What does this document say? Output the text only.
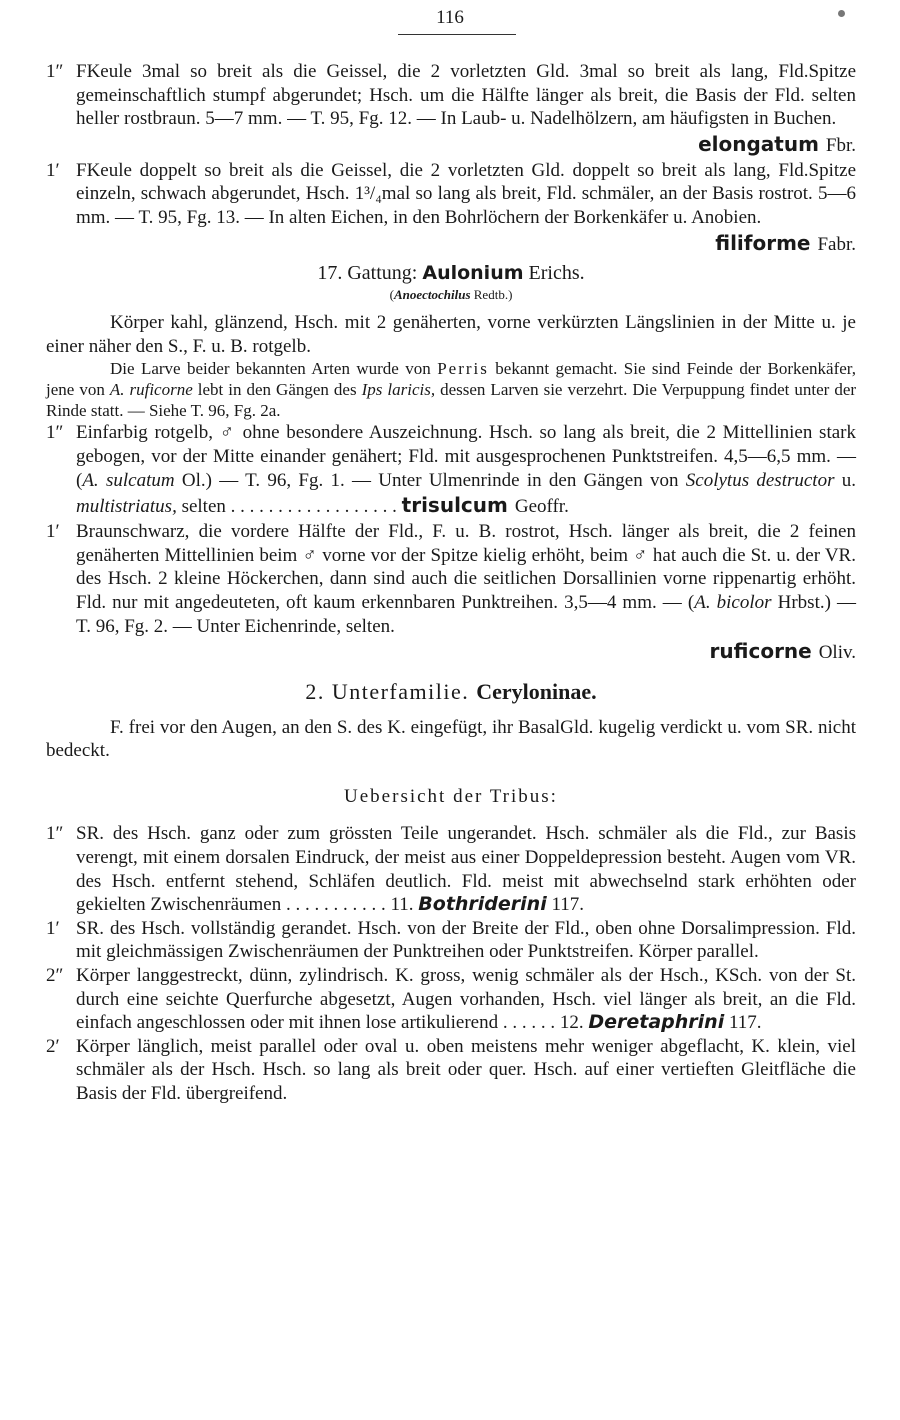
116
1″ FKeule 3mal so breit als die Geissel, die 2 vorletzten Gld. 3mal so breit als lang, Fld.Spitze gemeinschaftlich stumpf abgerundet; Hsch. um die Hälfte länger als breit, die Basis der Fld. selten heller rostbraun. 5—7 mm. — T. 95, Fg. 12. — In Laub- u. Nadelhölzern, am häufigsten in Buchen.
elongatum Fbr.
1′ FKeule doppelt so breit als die Geissel, die 2 vorletzten Gld. doppelt so breit als lang, Fld.Spitze einzeln, schwach abgerundet, Hsch. 1³/₄mal so lang als breit, Fld. schmäler, an der Basis rostrot. 5—6 mm. — T. 95, Fg. 13. — In alten Eichen, in den Bohrlöchern der Borkenkäfer u. Anobien.
filiforme Fabr.
17. Gattung: Aulonium Erichs.
(Anoectochilus Redtb.)
Körper kahl, glänzend, Hsch. mit 2 genäherten, vorne verkürzten Längslinien in der Mitte u. je einer näher den S., F. u. B. rotgelb.
Die Larve beider bekannten Arten wurde von Perris bekannt gemacht. Sie sind Feinde der Borkenkäfer, jene von A. ruficorne lebt in den Gängen des Ips laricis, dessen Larven sie verzehrt. Die Verpuppung findet unter der Rinde statt. — Siehe T. 96, Fg. 2a.
1″ Einfarbig rotgelb, ♂ ohne besondere Auszeichnung. Hsch. so lang als breit, die 2 Mittellinien stark gebogen, vor der Mitte einander genähert; Fld. mit ausgesprochenen Punktstreifen. 4,5—6,5 mm. — (A. sulcatum Ol.) — T. 96, Fg. 1. — Unter Ulmenrinde in den Gängen von Scolytus destructor u. multistriatus, selten . . . . . . . . . . . . . . . . . . trisulcum Geoffr.
1′ Braunschwarz, die vordere Hälfte der Fld., F. u. B. rostrot, Hsch. länger als breit, die 2 feinen genäherten Mittellinien beim ♂ vorne vor der Spitze kielig erhöht, beim ♂ hat auch die St. u. der VR. des Hsch. 2 kleine Höckerchen, dann sind auch die seitlichen Dorsallinien vorne rippenartig erhöht. Fld. nur mit angedeuteten, oft kaum erkennbaren Punktreihen. 3,5—4 mm. — (A. bicolor Hrbst.) — T. 96, Fg. 2. — Unter Eichenrinde, selten.
ruficorne Oliv.
2. Unterfamilie. Ceryloninae.
F. frei vor den Augen, an den S. des K. eingefügt, ihr BasalGld. kugelig verdickt u. vom SR. nicht bedeckt.
Uebersicht der Tribus:
1″ SR. des Hsch. ganz oder zum grössten Teile ungerandet. Hsch. schmäler als die Fld., zur Basis verengt, mit einem dorsalen Eindruck, der meist aus einer Doppeldepression besteht. Augen vom VR. des Hsch. entfernt stehend, Schläfen deutlich. Fld. meist mit abwechselnd stark erhöhten oder gekielten Zwischenräumen . . . . . . . . . . . 11. Bothriderini 117.
1′ SR. des Hsch. vollständig gerandet. Hsch. von der Breite der Fld., oben ohne Dorsalimpression. Fld. mit gleichmässigen Zwischenräumen der Punktreihen oder Punktstreifen. Körper parallel.
2″ Körper langgestreckt, dünn, zylindrisch. K. gross, wenig schmäler als der Hsch., KSch. von der St. durch eine seichte Querfurche abgesetzt, Augen vorhanden, Hsch. viel länger als breit, an die Fld. einfach angeschlossen oder mit ihnen lose artikulierend . . . . . . 12. Deretaphrini 117.
2′ Körper länglich, meist parallel oder oval u. oben meistens mehr weniger abgeflacht, K. klein, viel schmäler als der Hsch. Hsch. so lang als breit oder quer. Hsch. auf einer vertieften Gleitfläche die Basis der Fld. übergreifend.
